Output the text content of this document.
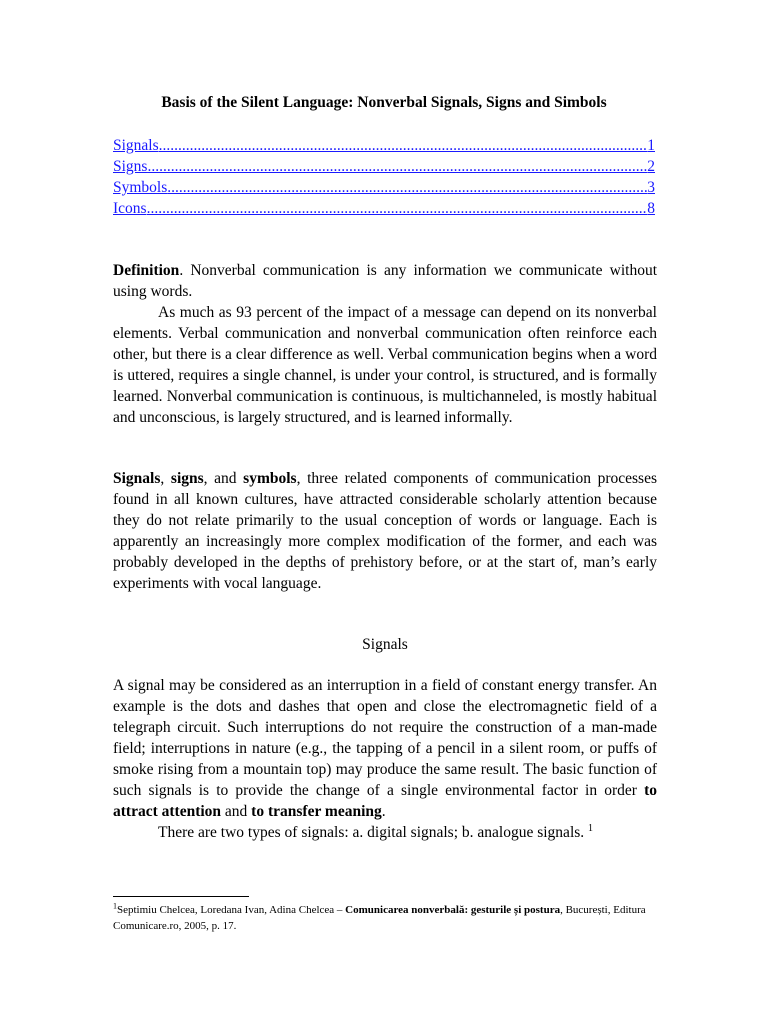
Basis of the Silent Language: Nonverbal Signals, Signs and Simbols
Signals .....	1
Signs .....	2
Symbols .....	3
Icons .....	8

Definition. Nonverbal communication is any information we communicate without using words.

As much as 93 percent of the impact of a message can depend on its nonverbal elements. Verbal communication and nonverbal communication often reinforce each other, but there is a clear difference as well. Verbal communication begins when a word is uttered, requires a single channel, is under your control, is structured, and is formally learned. Nonverbal communication is continuous, is multichanneled, is mostly habitual and unconscious, is largely structured, and is learned informally.

Signals, signs, and symbols, three related components of communication processes found in all known cultures, have attracted considerable scholarly attention because they do not relate primarily to the usual conception of words or language. Each is apparently an increasingly more complex modification of the former, and each was probably developed in the depths of prehistory before, or at the start of, man’s early experiments with vocal language.

Signals

A signal may be considered as an interruption in a field of constant energy transfer. An example is the dots and dashes that open and close the electromagnetic field of a telegraph circuit. Such interruptions do not require the construction of a man-made field; interruptions in nature (e.g., the tapping of a pencil in a silent room, or puffs of smoke rising from a mountain top) may produce the same result. The basic function of such signals is to provide the change of a single environmental factor in order to attract attention and to transfer meaning.

There are two types of signals: a. digital signals; b. analogue signals. $^1$

$^1$Septimiu Chelcea, Loredana Ivan, Adina Chelcea – Comunicarea nonverbală: gesturile și postura, București, Editura Comunicare.ro, 2005, p. 17.
